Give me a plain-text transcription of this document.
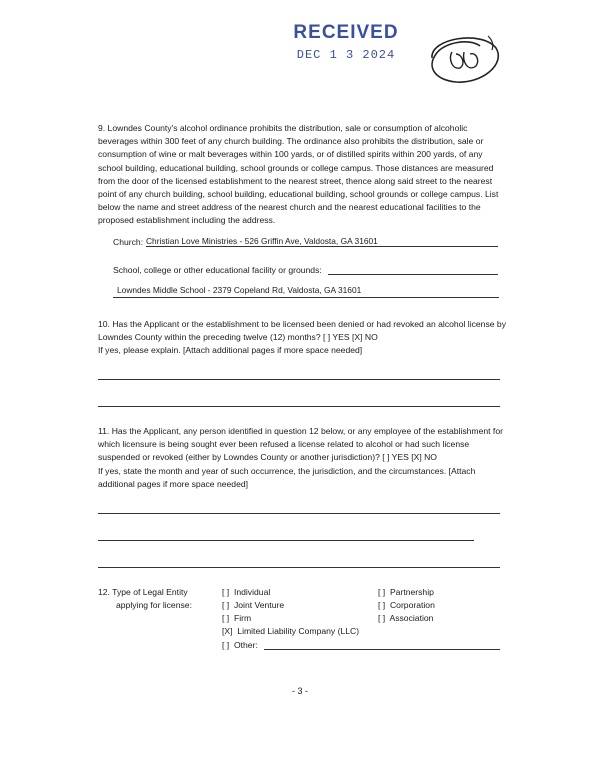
RECEIVED
DEC 1 3 2024

9. Lowndes County's alcohol ordinance prohibits the distribution, sale or consumption of alcoholic beverages within 300 feet of any church building. The ordinance also prohibits the distribution, sale or consumption of wine or malt beverages within 100 yards, or of distilled spirits within 200 yards, of any school building, educational building, school grounds or college campus. Those distances are measured from the door of the licensed establishment to the nearest street, thence along said street to the nearest point of any church building, school building, educational building, school grounds or college campus. List below the name and street address of the nearest church and the nearest educational facilities to the proposed establishment including the address.

Church: Christian Love Ministries - 526 Griffin Ave, Valdosta, GA 31601
School, college or other educational facility or grounds:
Lowndes Middle School - 2379 Copeland Rd, Valdosta, GA 31601

10. Has the Applicant or the establishment to be licensed been denied or had revoked an alcohol license by Lowndes County within the preceding twelve (12) months? [ ] YES [X] NO

If yes, please explain. [Attach additional pages if more space needed]

11. Has the Applicant, any person identified in question 12 below, or any employee of the establishment for which licensure is being sought ever been refused a license related to alcohol or had such license suspended or revoked (either by Lowndes County or another jurisdiction)? [ ] YES [X] NO

If yes, state the month and year of such occurrence, the jurisdiction, and the circumstances. [Attach additional pages if more space needed]

12. Type of Legal Entity
applying for license:
[ ] Individual
[ ] Joint Venture
[ ] Firm
[X] Limited Liability Company (LLC)
[ ] Other:
[ ] Partnership
[ ] Corporation
[ ] Association
- 3 -
